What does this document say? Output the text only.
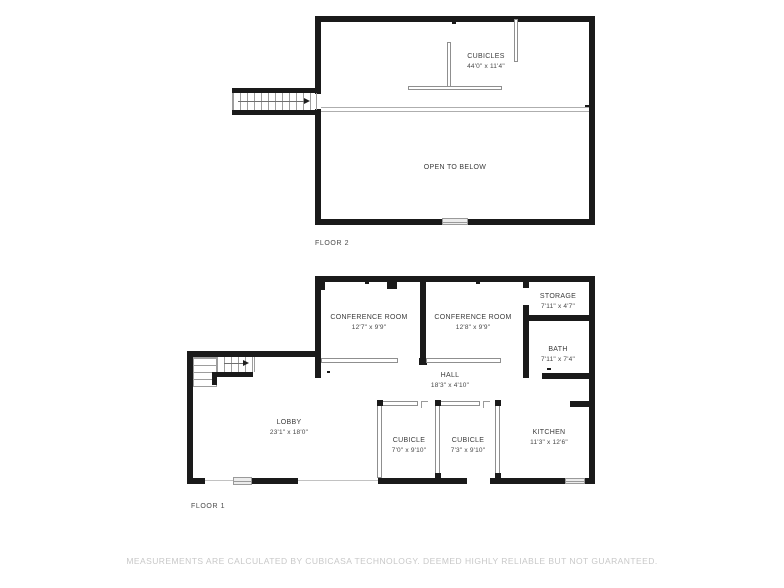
CUBICLES
44'0" x 11'4"
OPEN TO BELOW
FLOOR 2
CONFERENCE ROOM
12'7" x 9'9"
CONFERENCE ROOM
12'8" x 9'9"
STORAGE
7'11" x 4'7"
BATH
7'11" x 7'4"
HALL
18'3" x 4'10"
LOBBY
23'1" x 18'0"
CUBICLE
7'0" x 9'10"
CUBICLE
7'3" x 9'10"
KITCHEN
11'3" x 12'6"
FLOOR 1
MEASUREMENTS ARE CALCULATED BY CUBICASA TECHNOLOGY. DEEMED HIGHLY RELIABLE BUT NOT GUARANTEED.
